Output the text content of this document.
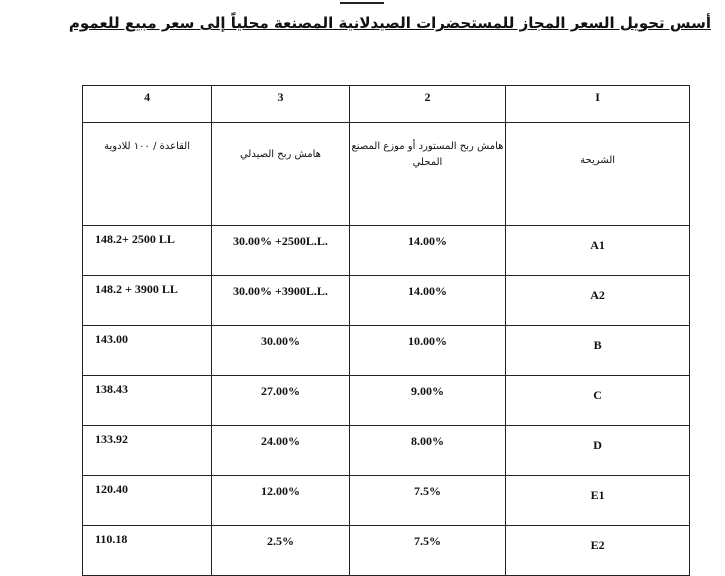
أسس تحويل السعر المجاز للمستحضرات الصيدلانية المصنعة محلياً إلى سعر مبيع للعموم
4	3	2	I
القاعدة / ١٠٠ للادوية	هامش ربح الصيدلي	هامش ربح المستورد أو موزع المصنع المحلي	الشريحة
148.2+ 2500 LL	30.00% +2500L.L.	14.00%	A1
148.2 + 3900 LL	30.00% +3900L.L.	14.00%	A2
143.00	30.00%	10.00%	B
138.43	27.00%	9.00%	C
133.92	24.00%	8.00%	D
120.40	12.00%	7.5%	E1
110.18	2.5%	7.5%	E2
